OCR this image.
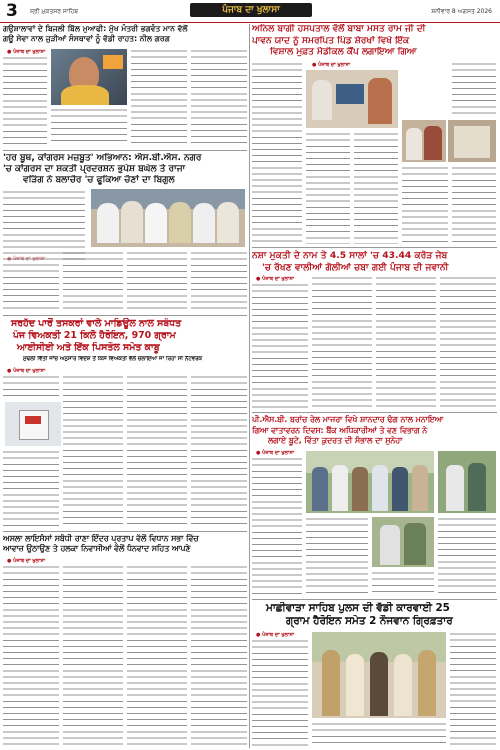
3 ਸ੍ਰੀ ਮੁਕਤਸਰ ਸਾਹਿਬ	ਪੰਜਾਬ ਦਾ ਖੁਲਾਸਾ	ਸ਼ਨੀਵਾਰ 8 ਅਗਸਤ 2026
ਗਉਸ਼ਾਲਾਵਾਂ ਦੇ ਬਿਜਲੀ ਬਿੱਲ ਮੁਆਫੀ: ਮੁੱਖ ਮੰਤਰੀ ਭਗਵੰਤ ਮਾਨ ਵੱਲੋਂ
ਗਊ ਸੇਵਾ ਨਾਲ ਜੁੜੀਆਂ ਸੰਸਥਾਵਾਂ ਨੂੰ ਵੱਡੀ ਰਾਹਤ: ਨੀਲ ਗਰਗ
● ਪੰਜਾਬ ਦਾ ਖੁਲਾਸਾ
'ਹਰ ਬੂਥ, ਕਾਂਗਰਸ ਮਜ਼ਬੂਤ' ਅਭਿਆਨ: ਐਸ.ਬੀ.ਐਸ. ਨਗਰ
'ਚ ਕਾਂਗਰਸ ਦਾ ਸ਼ਕਤੀ ਪ੍ਰਦਰਸ਼ਨ ਭੁਪੇਸ਼ ਬਘੇਲ ਤੇ ਰਾਜਾ
ਵੜਿੰਗ ਨੇ ਬਲਾਚੌਰ 'ਚ ਫੂਕਿਆ ਚੋਣਾਂ ਦਾ ਬਿਗੁਲ
ਸਰਹੱਦ ਪਾਰੋਂ ਤਸਕਰਾਂ ਵਾਲੇ ਮਾਡਿਊਲ ਨਾਲ ਸਬੰਧਤ
ਪੰਜ ਵਿਅਕਤੀ 21 ਕਿਲੋ ਹੈਰੋਇਨ, 970 ਗ੍ਰਾਮ
ਆਈਸੀਈ ਅਤੇ ਇੱਕ ਪਿਸਤੌਲ ਸਮੇਤ ਕਾਬੂ
ਮੁੱਢਲੀ ਵਿੱਤੀ ਜਾਂਚ ਅਨੁਸਾਰ ਵਿਦੇਸ਼ ਤੋਂ ਕਿਸੇ ਵਿਅਕਤੀ ਵੱਲੋਂ ਚਲਾਇਆ ਜਾ ਰਿਹਾ ਸੀ ਨੈੱਟਵਰਕ
● ਪੰਜਾਬ ਦਾ ਖੁਲਾਸਾ
ਅਸਲਾ ਲਾਇਸੰਸਾਂ ਸਬੰਧੀ ਰਾਣਾ ਇੰਦਰ ਪ੍ਰਤਾਪ ਵੱਲੋਂ ਵਿਧਾਨ ਸਭਾ ਵਿੱਚ
ਆਵਾਜ਼ ਉਠਾਉਣ ਤੇ ਹਲਕਾ ਨਿਵਾਸੀਆਂ ਵੱਲੋਂ ਧੰਨਵਾਦ ਸਹਿਤ ਆਪਣੇ
● ਪੰਜਾਬ ਦਾ ਖੁਲਾਸਾ
ਅਨਿਲ ਬਾਗੀ ਹਸਪਤਾਲ ਵੱਲੋਂ ਬਾਬਾ ਮਸਤ ਰਾਮ ਜੀ ਦੀ
ਪਾਵਨ ਯਾਦ ਨੂੰ ਸਮਰਪਿਤ ਪਿੰਡ ਸ਼ੇਰਖਾਂ ਵਿਖੇ ਇੱਕ
ਵਿਸ਼ਾਲ ਮੁਫ਼ਤ ਮੈਡੀਕਲ ਕੈਂਪ ਲਗਾਇਆ ਗਿਆ
● ਪੰਜਾਬ ਦਾ ਖੁਲਾਸਾ
ਨਸ਼ਾ ਮੁਕਤੀ ਦੇ ਨਾਮ ਤੇ 4.5 ਸਾਲਾਂ 'ਚ 43.44 ਕਰੋੜ ਜੇਬ
'ਚ ਰੱਖਣ ਵਾਲੀਆਂ ਗੋਲੀਆਂ ਚਬਾ ਗਈ ਪੰਜਾਬ ਦੀ ਜਵਾਨੀ
● ਪੰਜਾਬ ਦਾ ਖੁਲਾਸਾ
ਪੀ.ਐਸ.ਬੀ. ਬਰਾਂਚ ਰੇਲ ਮਾਜਰਾ ਵਿਖੇ ਸ਼ਾਨਦਾਰ ਢੰਗ ਨਾਲ ਮਨਾਇਆ
ਗਿਆ ਵਾਤਾਵਰਨ ਦਿਵਸ: ਬੈਂਕ ਅਧਿਕਾਰੀਆਂ ਤੇ ਵਣ ਵਿਭਾਗ ਨੇ
ਲਗਾਏ ਬੂਟੇ, ਵਿੱਤਾ ਕੁਦਰਤ ਦੀ ਸੰਭਾਲ ਦਾ ਸੁਨੇਹਾ
● ਪੰਜਾਬ ਦਾ ਖੁਲਾਸਾ
ਮਾਛੀਵਾੜਾ ਸਾਹਿਬ ਪੁਲਸ ਦੀ ਵੱਡੀ ਕਾਰਵਾਈ 25
ਗ੍ਰਾਮ ਹੈਰੋਇਨ ਸਮੇਤ 2 ਨੌਜਵਾਨ ਗ੍ਰਿਫ਼ਤਾਰ
● ਪੰਜਾਬ ਦਾ ਖੁਲਾਸਾ
